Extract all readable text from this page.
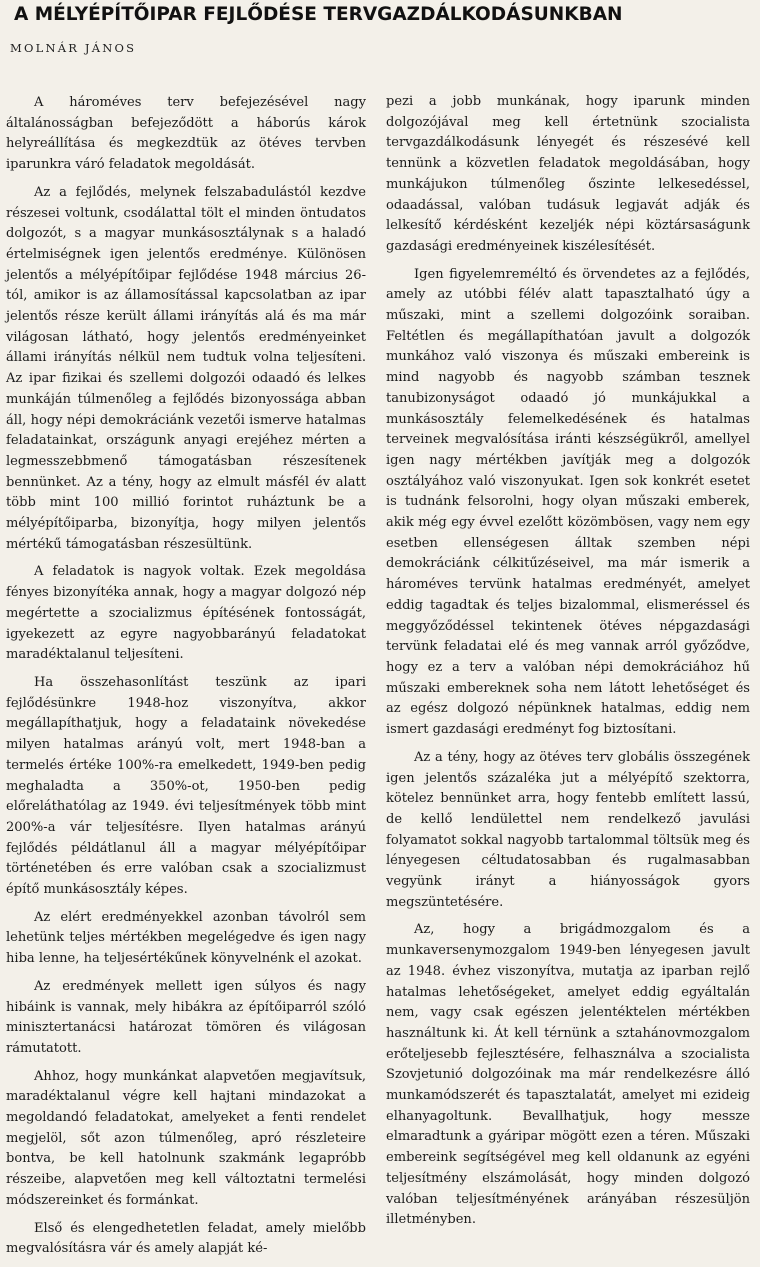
A MÉLYÉPÍTŐIPAR FEJLŐDÉSE TERVGAZDÁLKODÁSUNKBAN
MOLNÁR JÁNOS

A hároméves terv befejezésével nagy általánosságban befejeződött a háborús károk helyreállítása és megkezdtük az ötéves tervben iparunkra váró feladatok megoldását.

Az a fejlődés, melynek felszabadulástól kezdve részesei voltunk, csodálattal tölt el minden öntudatos dolgozót, s a magyar munkásosztálynak s a haladó értelmiségnek igen jelentős eredménye. Különösen jelentős a mélyépítőipar fejlődése 1948 március 26-tól, amikor is az államosítással kapcsolatban az ipar jelentős része került állami irányítás alá és ma már világosan látható, hogy jelentős eredményeinket állami irányítás nélkül nem tudtuk volna teljesíteni. Az ipar fizikai és szellemi dolgozói odaadó és lelkes munkáján túlmenőleg a fejlődés bizonyossága abban áll, hogy népi demokráciánk vezetői ismerve hatalmas feladatainkat, országunk anyagi erejéhez mérten a legmesszebbmenő támogatásban részesítenek bennünket. Az a tény, hogy az elmult másfél év alatt több mint 100 millió forintot ruháztunk be a mélyépítőiparba, bizonyítja, hogy milyen jelentős mértékű támogatásban részesültünk.

A feladatok is nagyok voltak. Ezek megoldása fényes bizonyítéka annak, hogy a magyar dolgozó nép megértette a szocializmus építésének fontosságát, igyekezett az egyre nagyobbarányú feladatokat maradéktalanul teljesíteni.

Ha összehasonlítást teszünk az ipari fejlődésünkre 1948-hoz viszonyítva, akkor megállapíthatjuk, hogy a feladataink növekedése milyen hatalmas arányú volt, mert 1948-ban a termelés értéke 100%-ra emelkedett, 1949-ben pedig meghaladta a 350%-ot, 1950-ben pedig előreláthatólag az 1949. évi teljesítmények több mint 200%-a vár teljesítésre. Ilyen hatalmas arányú fejlődés példátlanul áll a magyar mélyépítőipar történetében és erre valóban csak a szocializmust építő munkásosztály képes.

Az elért eredményekkel azonban távolról sem lehetünk teljes mértékben megelégedve és igen nagy hiba lenne, ha teljesértékűnek könyvelnénk el azokat.

Az eredmények mellett igen súlyos és nagy hibáink is vannak, mely hibákra az építőiparról szóló minisztertanácsi határozat tömören és világosan rámutatott.

Ahhoz, hogy munkánkat alapvetően megjavítsuk, maradéktalanul végre kell hajtani mindazokat a megoldandó feladatokat, amelyeket a fenti rendelet megjelöl, sőt azon túlmenőleg, apró részleteire bontva, be kell hatolnunk szakmánk legapróbb részeibe, alapvetően meg kell változtatni termelési módszereinket és formánkat.

Első és elengedhetetlen feladat, amely mielőbb megvalósításra vár és amely alapját ké-

pezi a jobb munkának, hogy iparunk minden dolgozójával meg kell értetnünk szocialista tervgazdálkodásunk lényegét és részesévé kell tennünk a közvetlen feladatok megoldásában, hogy munkájukon túlmenőleg őszinte lelkesedéssel, odaadással, valóban tudásuk legjavát adják és lelkesítő kérdésként kezeljék népi köztársaságunk gazdasági eredményeinek kiszélesítését.

Igen figyelemreméltó és örvendetes az a fejlődés, amely az utóbbi félév alatt tapasztalható úgy a műszaki, mint a szellemi dolgozóink soraiban. Feltétlen és megállapíthatóan javult a dolgozók munkához való viszonya és műszaki embereink is mind nagyobb és nagyobb számban tesznek tanubizonyságot odaadó jó munkájukkal a munkásosztály felemelkedésének és hatalmas terveinek megvalósítása iránti készségükről, amellyel igen nagy mértékben javítják meg a dolgozók osztályához való viszonyukat. Igen sok konkrét esetet is tudnánk felsorolni, hogy olyan műszaki emberek, akik még egy évvel ezelőtt közömbösen, vagy nem egy esetben ellenségesen álltak szemben népi demokráciánk célkitűzéseivel, ma már ismerik a hároméves tervünk hatalmas eredményét, amelyet eddig tagadtak és teljes bizalommal, elismeréssel és meggyőződéssel tekintenek ötéves népgazdasági tervünk feladatai elé és meg vannak arról győződve, hogy ez a terv a valóban népi demokráciához hű műszaki embereknek soha nem látott lehetőséget és az egész dolgozó népünknek hatalmas, eddig nem ismert gazdasági eredményt fog biztosítani.

Az a tény, hogy az ötéves terv globális összegének igen jelentős százaléka jut a mélyépítő szektorra, kötelez bennünket arra, hogy fentebb említett lassú, de kellő lendülettel nem rendelkező javulási folyamatot sokkal nagyobb tartalommal töltsük meg és lényegesen céltudatosabban és rugalmasabban vegyünk irányt a hiányosságok gyors megszüntetésére.

Az, hogy a brigádmozgalom és a munkaversenymozgalom 1949-ben lényegesen javult az 1948. évhez viszonyítva, mutatja az iparban rejlő hatalmas lehetőségeket, amelyet eddig egyáltalán nem, vagy csak egészen jelentéktelen mértékben használtunk ki. Át kell térnünk a sztahánovmozgalom erőteljesebb fejlesztésére, felhasználva a szocialista Szovjetunió dolgozóinak ma már rendelkezésre álló munkamódszerét és tapasztalatát, amelyet mi ezideig elhanyagoltunk. Bevallhatjuk, hogy messze elmaradtunk a gyáripar mögött ezen a téren. Műszaki embereink segítségével meg kell oldanunk az egyéni teljesítmény elszámolását, hogy minden dolgozó valóban teljesítményének arányában részesüljön illetményben.
